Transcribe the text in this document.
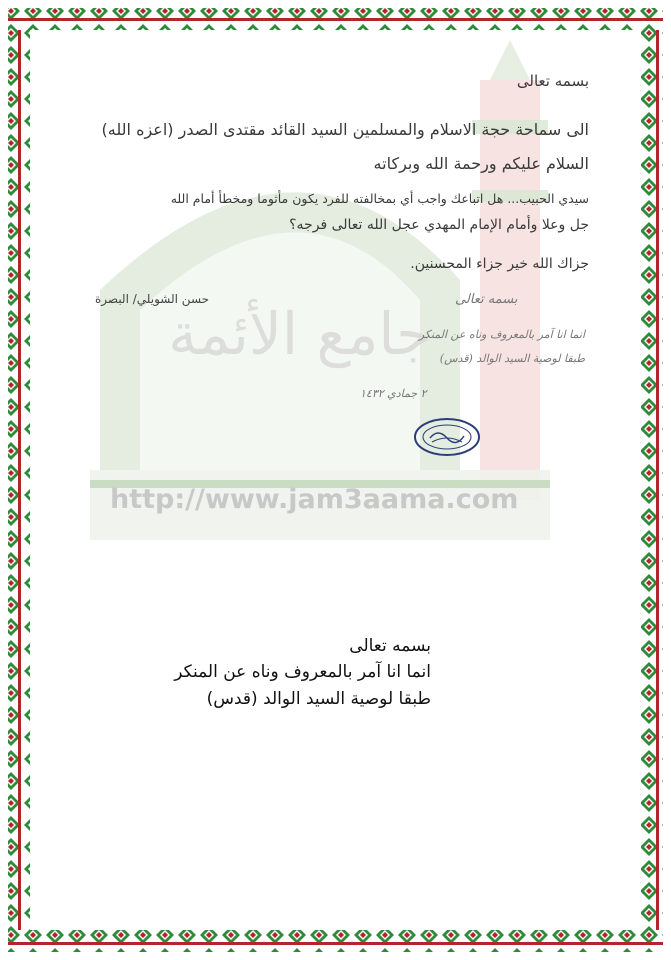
جامع الأئمة
http://www.jam3aama.com
بسمه تعالى
الى سماحة حجة الاسلام والمسلمين السيد القائد مقتدى الصدر (اعزه الله)
السلام عليكم ورحمة الله وبركاته
سيدي الحبيب... هل اتباعك واجب أي بمخالفته للفرد يكون مأثوما ومخطأ أمام الله
جل وعلا وأمام الإمام المهدي عجل الله تعالى فرجه؟
جزاك الله خير جزاء المحسنين.
حسن الشويلي/ البصرة	بسمه تعالى
انما انا آمر بالمعروف وناه عن المنكر
طبقا لوصية السيد الوالد (قدس)
٢ جمادي ١٤٣٢
بسمه تعالى
انما انا آمر بالمعروف وناه عن المنكر
طبقا لوصية السيد الوالد (قدس)
